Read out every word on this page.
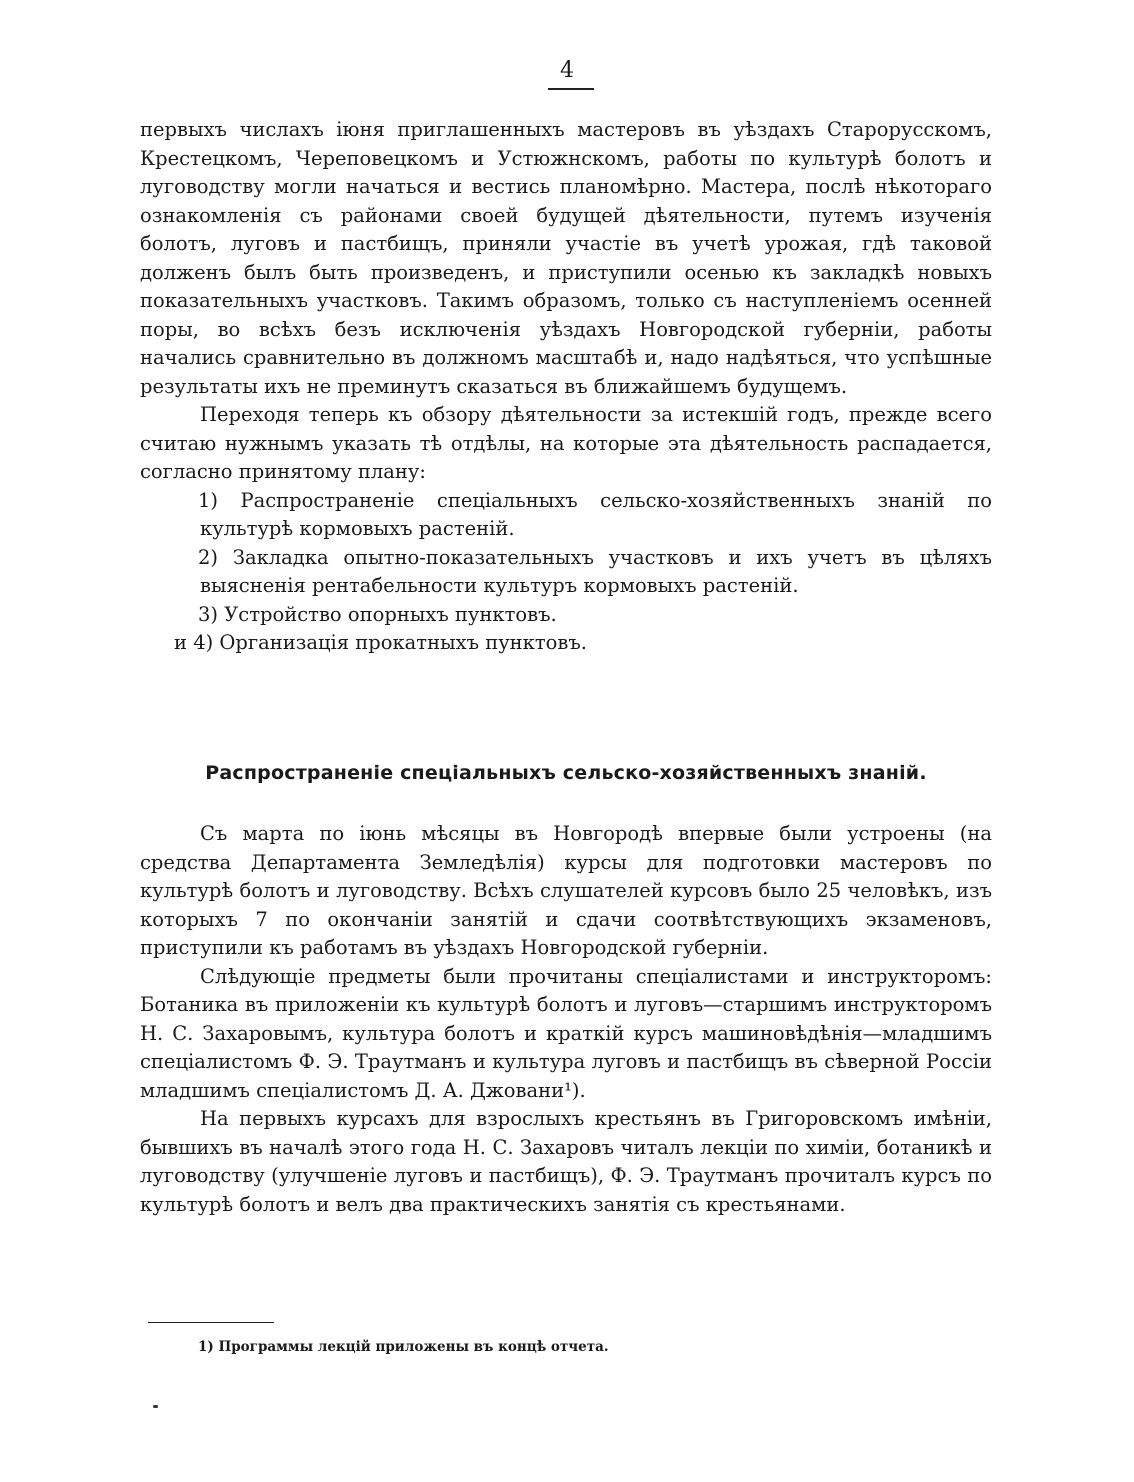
4

первыхъ числахъ іюня приглашенныхъ мастеровъ въ уѣздахъ Старорусскомъ, Крестецкомъ, Череповецкомъ и Устюжнскомъ, работы по культурѣ болотъ и луговодству могли начаться и вестись планомѣрно. Мастера, послѣ нѣкотораго ознакомленія съ районами своей будущей дѣятельности, путемъ изученія болотъ, луговъ и пастбищъ, приняли участіе въ учетѣ урожая, гдѣ таковой долженъ былъ быть произведенъ, и приступили осенью къ закладкѣ новыхъ показательныхъ участковъ. Такимъ образомъ, только съ наступленіемъ осенней поры, во всѣхъ безъ исключенія уѣздахъ Новгородской губерніи, работы начались сравнительно въ должномъ масштабѣ и, надо надѣяться, что успѣшные результаты ихъ не преминутъ сказаться въ ближайшемъ будущемъ.

Переходя теперь къ обзору дѣятельности за истекшій годъ, прежде всего считаю нужнымъ указать тѣ отдѣлы, на которые эта дѣятельность распадается, согласно принятому плану:

1) Распространеніе спеціальныхъ сельско-хозяйственныхъ знаній по культурѣ кормовыхъ растеній.

2) Закладка опытно-показательныхъ участковъ и ихъ учетъ въ цѣляхъ выясненія рентабельности культуръ кормовыхъ растеній.

3) Устройство опорныхъ пунктовъ.

и 4) Организація прокатныхъ пунктовъ.

Распространеніе спеціальныхъ сельско-хозяйственныхъ знаній.

Съ марта по іюнь мѣсяцы въ Новгородѣ впервые были устроены (на средства Департамента Земледѣлія) курсы для подготовки мастеровъ по культурѣ болотъ и луговодству. Всѣхъ слушателей курсовъ было 25 человѣкъ, изъ которыхъ 7 по окончаніи занятій и сдачи соотвѣтствующихъ экзаменовъ, приступили къ работамъ въ уѣздахъ Новгородской губерніи.

Слѣдующіе предметы были прочитаны спеціалистами и инструкторомъ: Ботаника въ приложеніи къ культурѣ болотъ и луговъ—старшимъ инструкторомъ Н. С. Захаровымъ, культура болотъ и краткій курсъ машиновѣдѣнія—младшимъ спеціалистомъ Ф. Э. Траутманъ и культура луговъ и пастбищъ въ сѣверной Россіи младшимъ спеціалистомъ Д. А. Джовани¹).

На первыхъ курсахъ для взрослыхъ крестьянъ въ Григоровскомъ имѣніи, бывшихъ въ началѣ этого года Н. С. Захаровъ читалъ лекціи по химіи, ботаникѣ и луговодству (улучшеніе луговъ и пастбищъ), Ф. Э. Траутманъ прочиталъ курсъ по культурѣ болотъ и велъ два практическихъ занятія съ крестьянами.

1) Программы лекцій приложены въ концѣ отчета.
